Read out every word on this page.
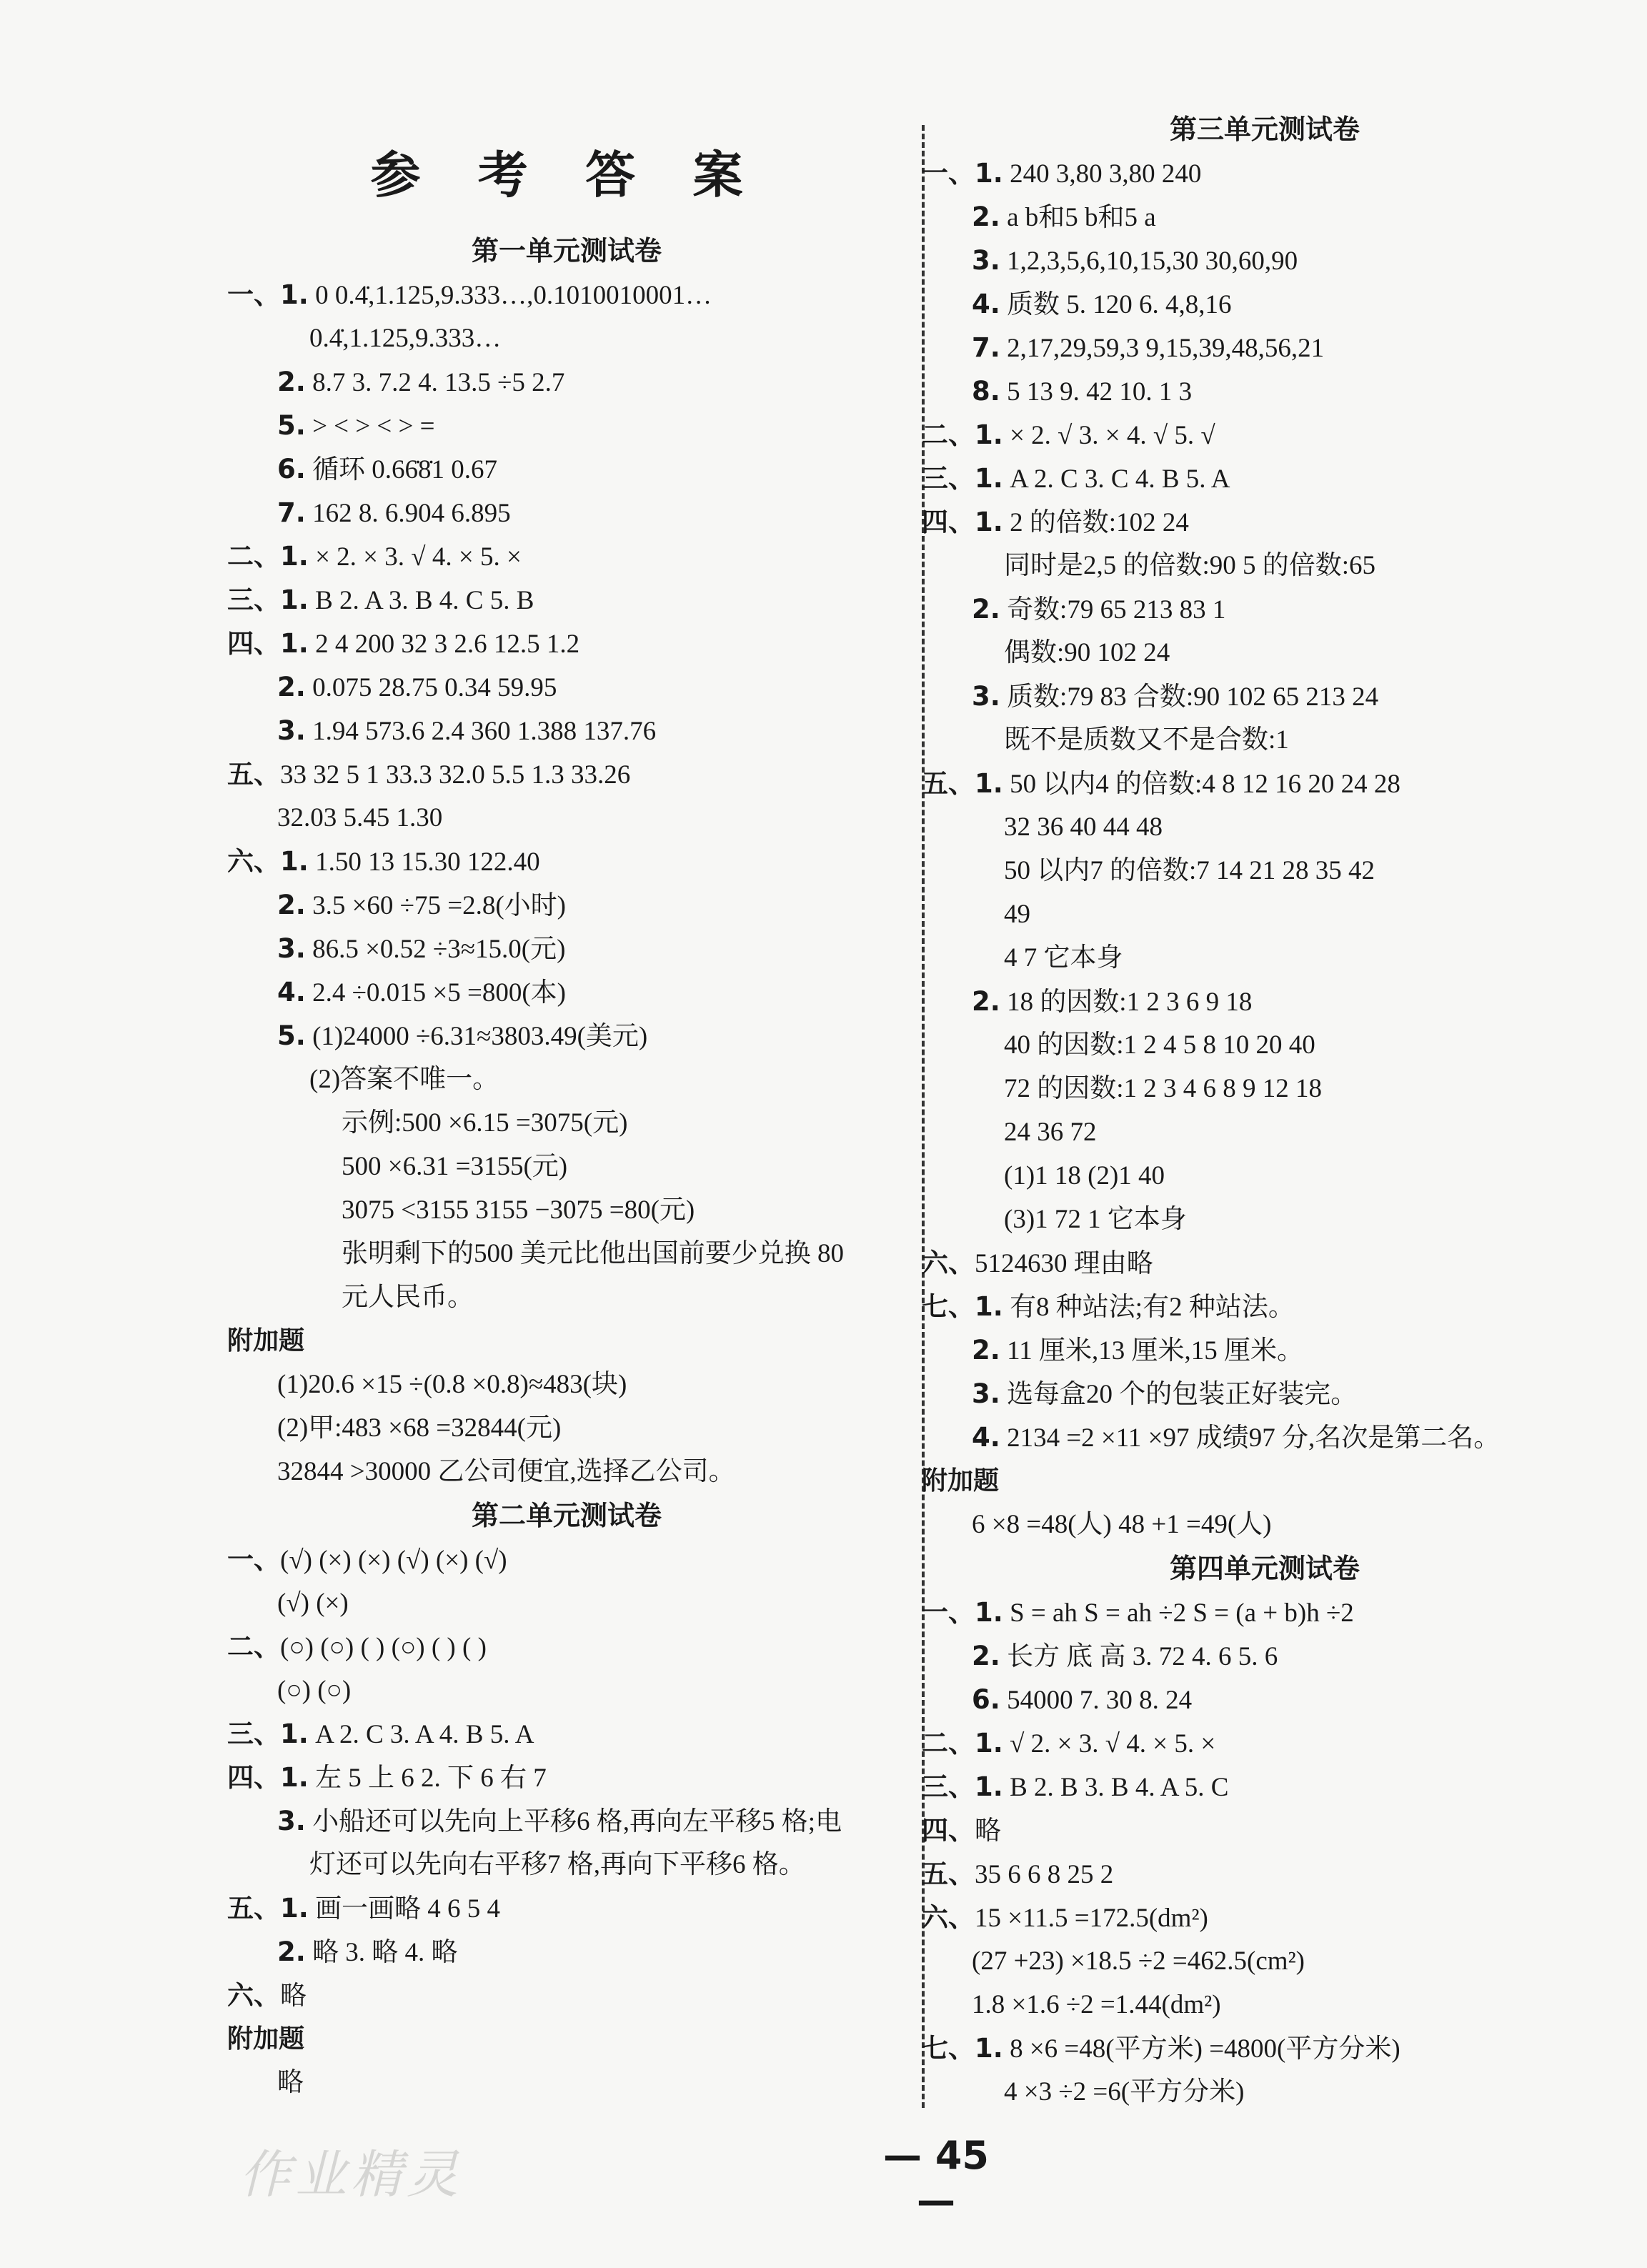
参 考 答 案
第一单元测试卷
一、1. 0 0.4̇,1.125,9.333…,0.1010010001…
0.4̇,1.125,9.333…
2. 8.7 3. 7.2 4. 13.5 ÷5 2.7
5. > < > < > =
6. 循环 0.66̇8̇1 0.67
7. 162 8. 6.904 6.895
二、1. × 2. × 3. √ 4. × 5. ×
三、1. B 2. A 3. B 4. C 5. B
四、1. 2 4 200 32 3 2.6 12.5 1.2
2. 0.075 28.75 0.34 59.95
3. 1.94 573.6 2.4 360 1.388 137.76
五、33 32 5 1 33.3 32.0 5.5 1.3 33.26
32.03 5.45 1.30
六、1. 1.50 13 15.30 122.40
2. 3.5 ×60 ÷75 =2.8(小时)
3. 86.5 ×0.52 ÷3≈15.0(元)
4. 2.4 ÷0.015 ×5 =800(本)
5. (1)24000 ÷6.31≈3803.49(美元)
(2)答案不唯一。
示例:500 ×6.15 =3075(元)
500 ×6.31 =3155(元)
3075 <3155 3155 −3075 =80(元)
张明剩下的500 美元比他出国前要少兑换 80
元人民币。
附加题
(1)20.6 ×15 ÷(0.8 ×0.8)≈483(块)
(2)甲:483 ×68 =32844(元)
32844 >30000 乙公司便宜,选择乙公司。
第二单元测试卷
一、(√) (×) (×) (√) (×) (√)
(√) (×)
二、(○) (○) ( ) (○) ( ) ( )
(○) (○)
三、1. A 2. C 3. A 4. B 5. A
四、1. 左 5 上 6 2. 下 6 右 7
3. 小船还可以先向上平移6 格,再向左平移5 格;电
灯还可以先向右平移7 格,再向下平移6 格。
五、1. 画一画略 4 6 5 4
2. 略 3. 略 4. 略
六、略
附加题
略
第三单元测试卷
一、1. 240 3,80 3,80 240
2. a b和5 b和5 a
3. 1,2,3,5,6,10,15,30 30,60,90
4. 质数 5. 120 6. 4,8,16
7. 2,17,29,59,3 9,15,39,48,56,21
8. 5 13 9. 42 10. 1 3
二、1. × 2. √ 3. × 4. √ 5. √
三、1. A 2. C 3. C 4. B 5. A
四、1. 2 的倍数:102 24
同时是2,5 的倍数:90 5 的倍数:65
2. 奇数:79 65 213 83 1
偶数:90 102 24
3. 质数:79 83 合数:90 102 65 213 24
既不是质数又不是合数:1
五、1. 50 以内4 的倍数:4 8 12 16 20 24 28
32 36 40 44 48
50 以内7 的倍数:7 14 21 28 35 42
49
4 7 它本身
2. 18 的因数:1 2 3 6 9 18
40 的因数:1 2 4 5 8 10 20 40
72 的因数:1 2 3 4 6 8 9 12 18
24 36 72
(1)1 18 (2)1 40
(3)1 72 1 它本身
六、5124630 理由略
七、1. 有8 种站法;有2 种站法。
2. 11 厘米,13 厘米,15 厘米。
3. 选每盒20 个的包装正好装完。
4. 2134 =2 ×11 ×97 成绩97 分,名次是第二名。
附加题
6 ×8 =48(人) 48 +1 =49(人)
第四单元测试卷
一、1. S = ah S = ah ÷2 S = (a + b)h ÷2
2. 长方 底 高 3. 72 4. 6 5. 6
6. 54000 7. 30 8. 24
二、1. √ 2. × 3. √ 4. × 5. ×
三、1. B 2. B 3. B 4. A 5. C
四、略
五、35 6 6 8 25 2
六、15 ×11.5 =172.5(dm²)
(27 +23) ×18.5 ÷2 =462.5(cm²)
1.8 ×1.6 ÷2 =1.44(dm²)
七、1. 8 ×6 =48(平方米) =4800(平方分米)
4 ×3 ÷2 =6(平方分米)
— 45 —
作业精灵
